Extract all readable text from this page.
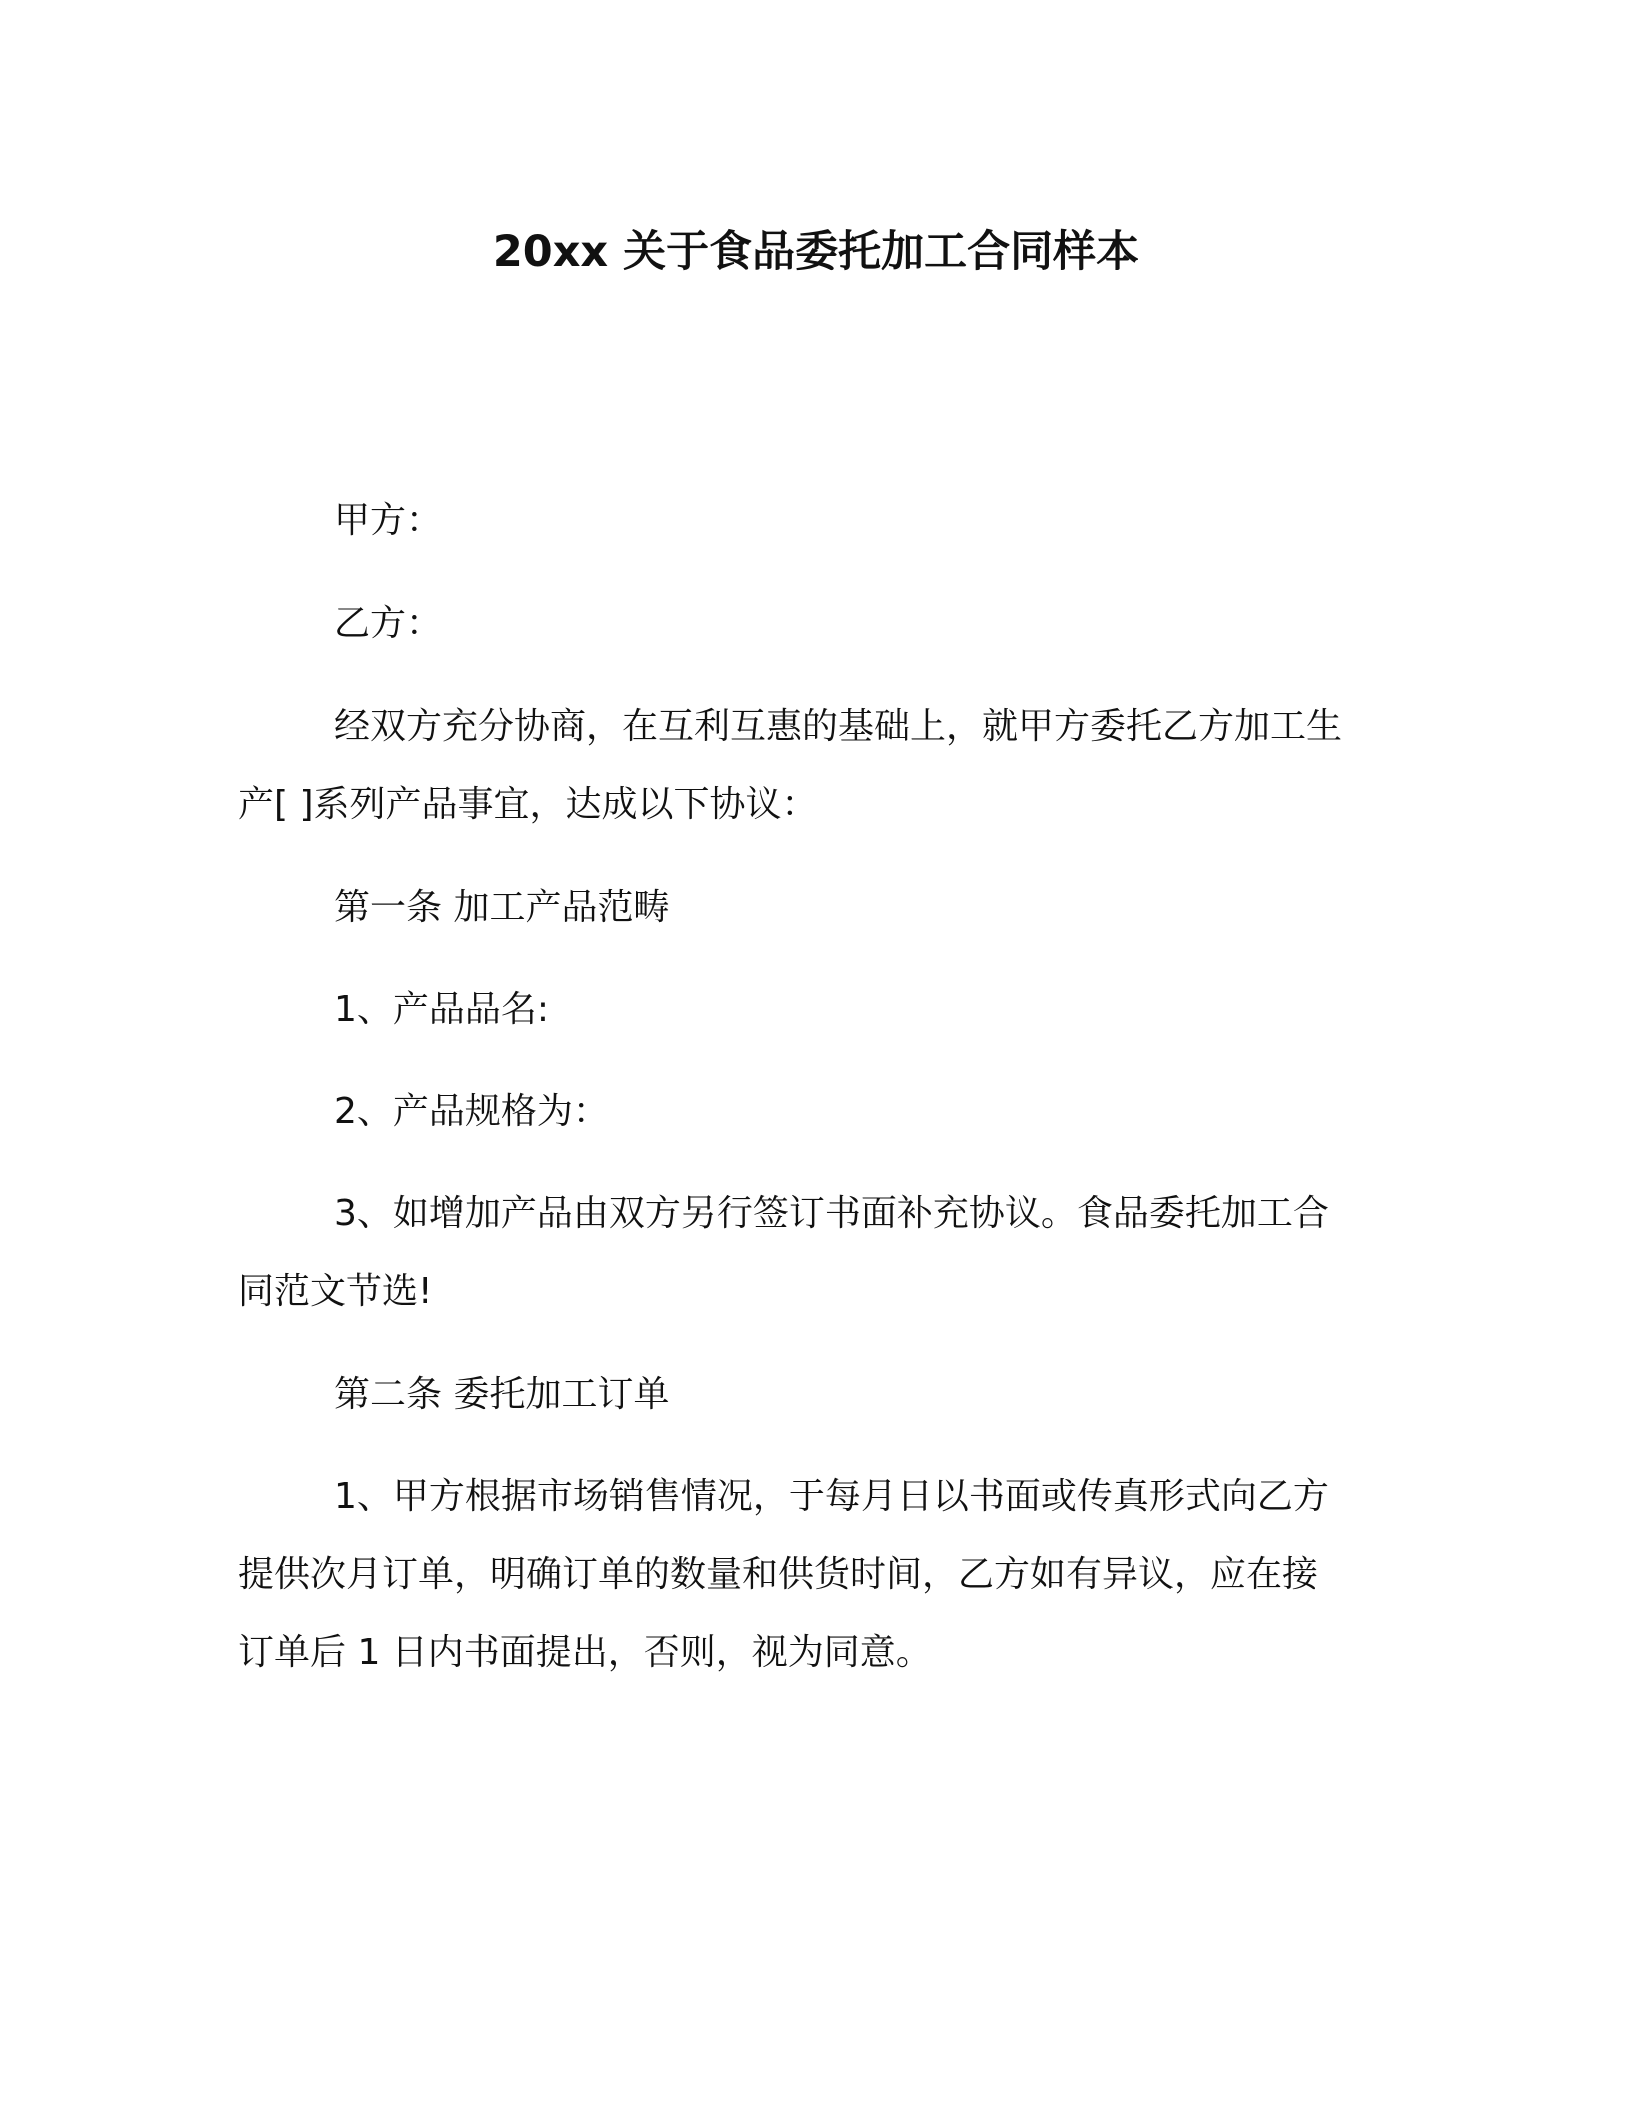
20xx 关于食品委托加工合同样本

甲方：

乙方：

经双方充分协商，在互利互惠的基础上，就甲方委托乙方加工生
产[ ]系列产品事宜，达成以下协议：

第一条 加工产品范畴

1、产品品名:

2、产品规格为：

3、如增加产品由双方另行签订书面补充协议。食品委托加工合
同范文节选!

第二条 委托加工订单

1、甲方根据市场销售情况，于每月日以书面或传真形式向乙方
提供次月订单，明确订单的数量和供货时间，乙方如有异议，应在接
订单后 1 日内书面提出，否则，视为同意。
